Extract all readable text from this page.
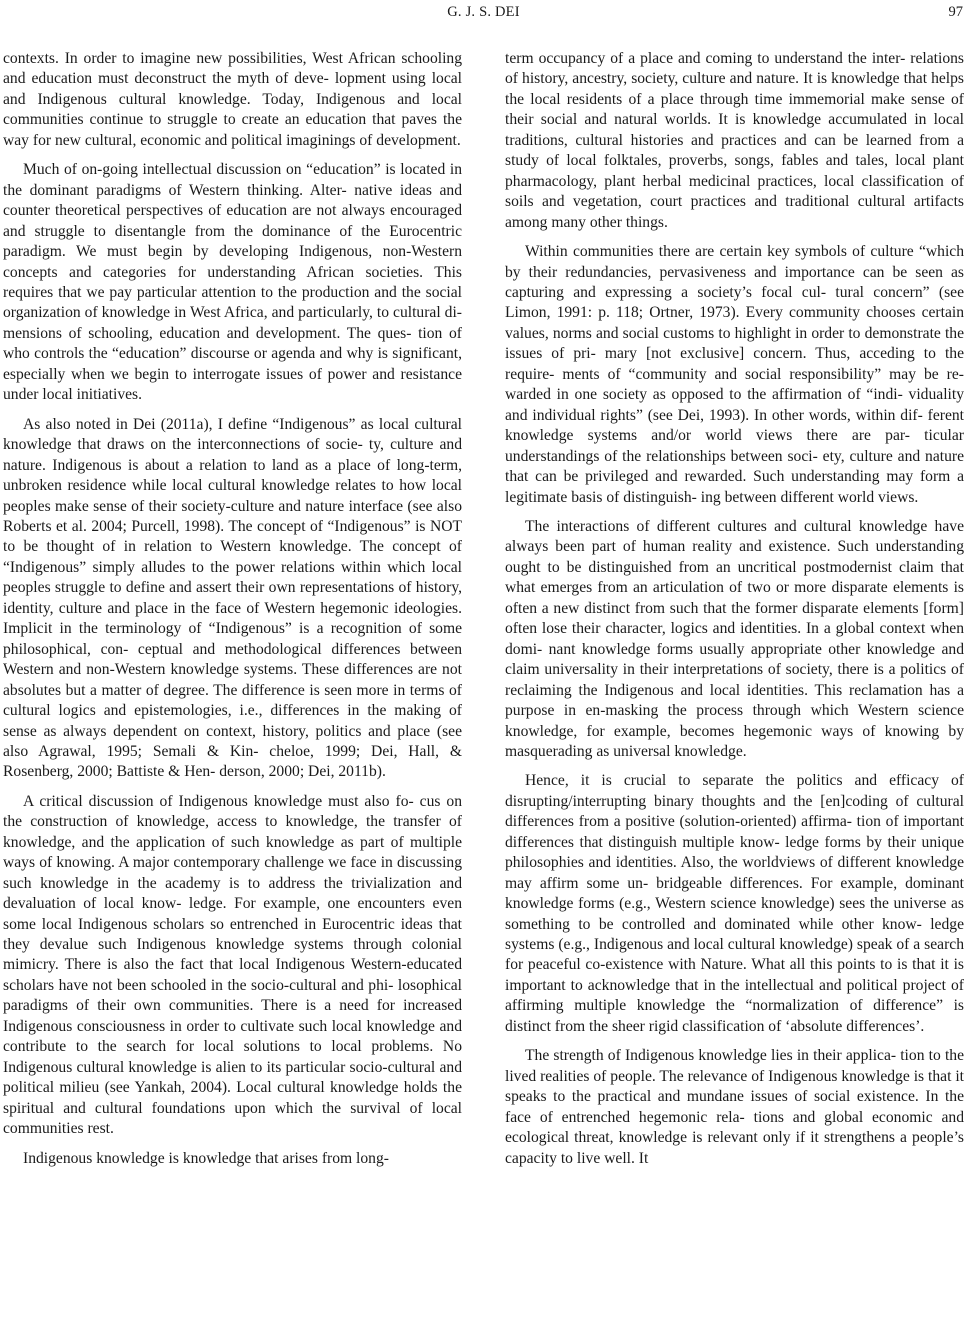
G. J. S. DEI	97

contexts. In order to imagine new possibilities, West African schooling and education must deconstruct the myth of deve- lopment using local and Indigenous cultural knowledge. Today, Indigenous and local communities continue to struggle to create an education that paves the way for new cultural, economic and political imaginings of development.

Much of on-going intellectual discussion on “education” is located in the dominant paradigms of Western thinking. Alter- native ideas and counter theoretical perspectives of education are not always encouraged and struggle to disentangle from the dominance of the Eurocentric paradigm. We must begin by developing Indigenous, non-Western concepts and categories for understanding African societies. This requires that we pay particular attention to the production and the social organization of knowledge in West Africa, and particularly, to cultural di- mensions of schooling, education and development. The ques- tion of who controls the “education” discourse or agenda and why is significant, especially when we begin to interrogate issues of power and resistance under local initiatives.

As also noted in Dei (2011a), I define “Indigenous” as local cultural knowledge that draws on the interconnections of socie- ty, culture and nature. Indigenous is about a relation to land as a place of long-term, unbroken residence while local cultural knowledge relates to how local peoples make sense of their society-culture and nature interface (see also Roberts et al. 2004; Purcell, 1998). The concept of “Indigenous” is NOT to be thought of in relation to Western knowledge. The concept of “Indigenous” simply alludes to the power relations within which local peoples struggle to define and assert their own representations of history, identity, culture and place in the face of Western hegemonic ideologies. Implicit in the terminology of “Indigenous” is a recognition of some philosophical, con- ceptual and methodological differences between Western and non-Western knowledge systems. These differences are not absolutes but a matter of degree. The difference is seen more in terms of cultural logics and epistemologies, i.e., differences in the making of sense as always dependent on context, history, politics and place (see also Agrawal, 1995; Semali & Kin- cheloe, 1999; Dei, Hall, & Rosenberg, 2000; Battiste & Hen- derson, 2000; Dei, 2011b).

A critical discussion of Indigenous knowledge must also fo- cus on the construction of knowledge, access to knowledge, the transfer of knowledge, and the application of such knowledge as part of multiple ways of knowing. A major contemporary challenge we face in discussing such knowledge in the academy is to address the trivialization and devaluation of local know- ledge. For example, one encounters even some local Indigenous scholars so entrenched in Eurocentric ideas that they devalue such Indigenous knowledge systems through colonial mimicry. There is also the fact that local Indigenous Western-educated scholars have not been schooled in the socio-cultural and phi- losophical paradigms of their own communities. There is a need for increased Indigenous consciousness in order to cultivate such local knowledge and contribute to the search for local solutions to local problems. No Indigenous cultural knowledge is alien to its particular socio-cultural and political milieu (see Yankah, 2004). Local cultural knowledge holds the spiritual and cultural foundations upon which the survival of local communities rest.

Indigenous knowledge is knowledge that arises from long-

term occupancy of a place and coming to understand the inter- relations of history, ancestry, society, culture and nature. It is knowledge that helps the local residents of a place through time immemorial make sense of their social and natural worlds. It is knowledge accumulated in local traditions, cultural histories and practices and can be learned from a study of local folktales, proverbs, songs, fables and tales, local plant pharmacology, plant herbal medicinal practices, local classification of soils and vegetation, court practices and traditional cultural artifacts among many other things.

Within communities there are certain key symbols of culture “which by their redundancies, pervasiveness and importance can be seen as capturing and expressing a society’s focal cul- tural concern” (see Limon, 1991: p. 118; Ortner, 1973). Every community chooses certain values, norms and social customs to highlight in order to demonstrate the issues of pri- mary [not exclusive] concern. Thus, acceding to the require- ments of “community and social responsibility” may be re- warded in one society as opposed to the affirmation of “indi- viduality and individual rights” (see Dei, 1993). In other words, within dif- ferent knowledge systems and/or world views there are par- ticular understandings of the relationships between soci- ety, culture and nature that can be privileged and rewarded. Such understanding may form a legitimate basis of distinguish- ing between different world views.

The interactions of different cultures and cultural knowledge have always been part of human reality and existence. Such understanding ought to be distinguished from an uncritical postmodernist claim that what emerges from an articulation of two or more disparate elements is often a new distinct from such that the former disparate elements [form] often lose their character, logics and identities. In a global context when domi- nant knowledge forms usually appropriate other knowledge and claim universality in their interpretations of society, there is a politics of reclaiming the Indigenous and local identities. This reclamation has a purpose in en-masking the process through which Western science knowledge, for example, becomes hegemonic ways of knowing by masquerading as universal knowledge.

Hence, it is crucial to separate the politics and efficacy of disrupting/interrupting binary thoughts and the [en]coding of cultural differences from a positive (solution-oriented) affirma- tion of important differences that distinguish multiple know- ledge forms by their unique philosophies and identities. Also, the worldviews of different knowledge may affirm some un- bridgeable differences. For example, dominant knowledge forms (e.g., Western science knowledge) sees the universe as something to be controlled and dominated while other know- ledge systems (e.g., Indigenous and local cultural knowledge) speak of a search for peaceful co-existence with Nature. What all this points to is that it is important to acknowledge that in the intellectual and political project of affirming multiple knowledge the “normalization of difference” is distinct from the sheer rigid classification of ‘absolute differences’.

The strength of Indigenous knowledge lies in their applica- tion to the lived realities of people. The relevance of Indigenous knowledge is that it speaks to the practical and mundane issues of social existence. In the face of entrenched hegemonic rela- tions and global economic and ecological threat, knowledge is relevant only if it strengthens a people’s capacity to live well. It
